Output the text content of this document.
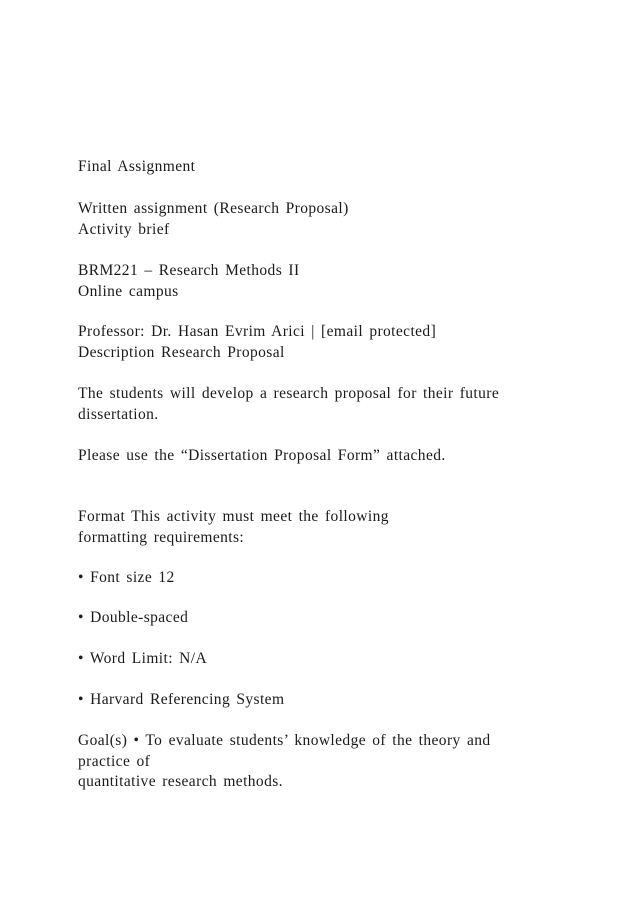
Final Assignment
Written assignment (Research Proposal)
Activity brief
BRM221 – Research Methods II
Online campus
Professor: Dr. Hasan Evrim Arici | [email protected]
Description Research Proposal
The students will develop a research proposal for their future
dissertation.
Please use the “Dissertation Proposal Form” attached.
Format This activity must meet the following
formatting requirements:
• Font size 12
• Double-spaced
• Word Limit: N/A
• Harvard Referencing System
Goal(s) • To evaluate students’ knowledge of the theory and
practice of
quantitative research methods.
